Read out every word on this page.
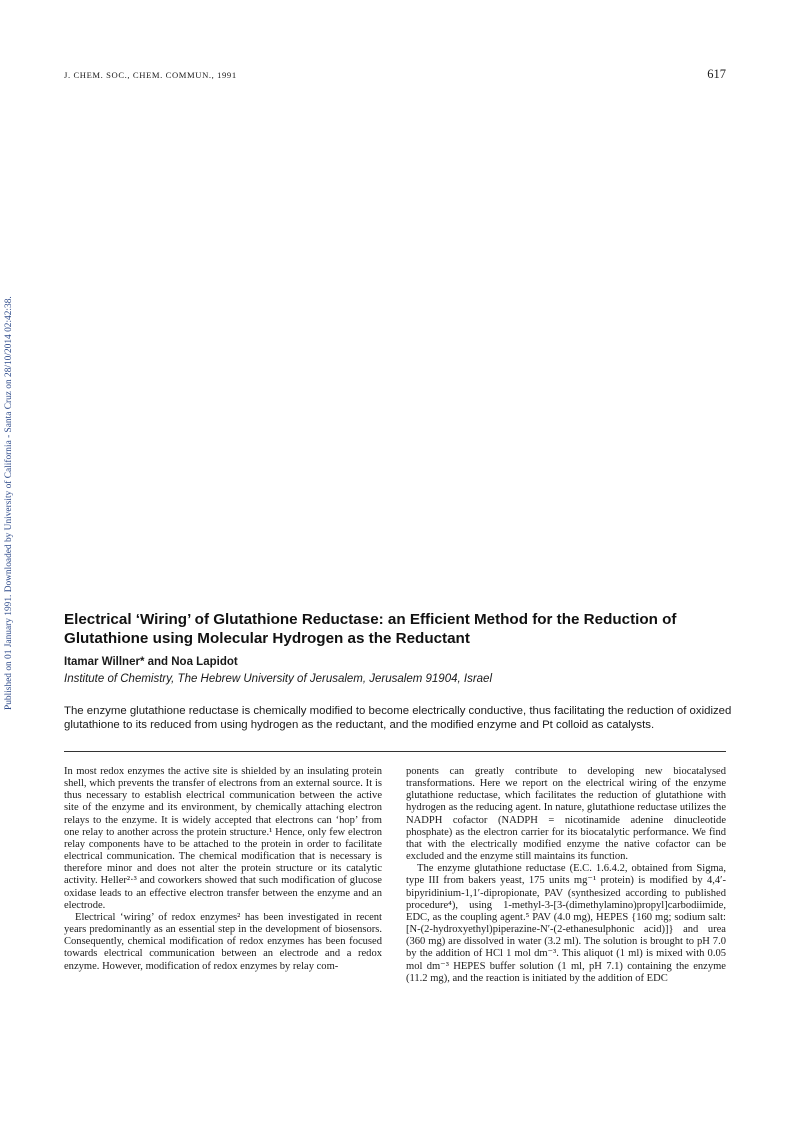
J. CHEM. SOC., CHEM. COMMUN., 1991	617
Published on 01 January 1991. Downloaded by University of California - Santa Cruz on 28/10/2014 02:42:38.	Electrical ‘Wiring’ of Glutathione Reductase: an Efficient Method for the Reduction of Glutathione using Molecular Hydrogen as the Reductant
Itamar Willner* and Noa Lapidot
Institute of Chemistry, The Hebrew University of Jerusalem, Jerusalem 91904, Israel

The enzyme glutathione reductase is chemically modified to become electrically conductive, thus facilitating the reduction of oxidized glutathione to its reduced from using hydrogen as the reductant, and the modified enzyme and Pt colloid as catalysts.

In most redox enzymes the active site is shielded by an insulating protein shell, which prevents the transfer of electrons from an external source. It is thus necessary to establish electrical communication between the active site of the enzyme and its environment, by chemically attaching electron relays to the enzyme. It is widely accepted that electrons can ‘hop’ from one relay to another across the protein structure.¹ Hence, only few electron relay components have to be attached to the protein in order to facilitate electrical communication. The chemical modification that is necessary is therefore minor and does not alter the protein structure or its catalytic activity. Heller²·³ and coworkers showed that such modification of glucose oxidase leads to an effective electron transfer between the enzyme and an electrode.

Electrical ‘wiring’ of redox enzymes² has been investigated in recent years predominantly as an essential step in the development of biosensors. Consequently, chemical modification of redox enzymes has been focused towards electrical communication between an electrode and a redox enzyme. However, modification of redox enzymes by relay com-

ponents can greatly contribute to developing new biocatalysed transformations. Here we report on the electrical wiring of the enzyme glutathione reductase, which facilitates the reduction of glutathione with hydrogen as the reducing agent. In nature, glutathione reductase utilizes the NADPH cofactor (NADPH = nicotinamide adenine dinucleotide phosphate) as the electron carrier for its biocatalytic performance. We find that with the electrically modified enzyme the native cofactor can be excluded and the enzyme still maintains its function.

The enzyme glutathione reductase (E.C. 1.6.4.2, obtained from Sigma, type III from bakers yeast, 175 units mg⁻¹ protein) is modified by 4,4′-bipyridinium-1,1′-dipropionate, PAV (synthesized according to published procedure⁴), using 1-methyl-3-[3-(dimethylamino)propyl]carbodiimide, EDC, as the coupling agent.⁵ PAV (4.0 mg), HEPES {160 mg; sodium salt: [N-(2-hydroxyethyl)piperazine-N′-(2-ethanesulphonic acid)]} and urea (360 mg) are dissolved in water (3.2 ml). The solution is brought to pH 7.0 by the addition of HCl 1 mol dm⁻³. This aliquot (1 ml) is mixed with 0.05 mol dm⁻³ HEPES buffer solution (1 ml, pH 7.1) containing the enzyme (11.2 mg), and the reaction is initiated by the addition of EDC
